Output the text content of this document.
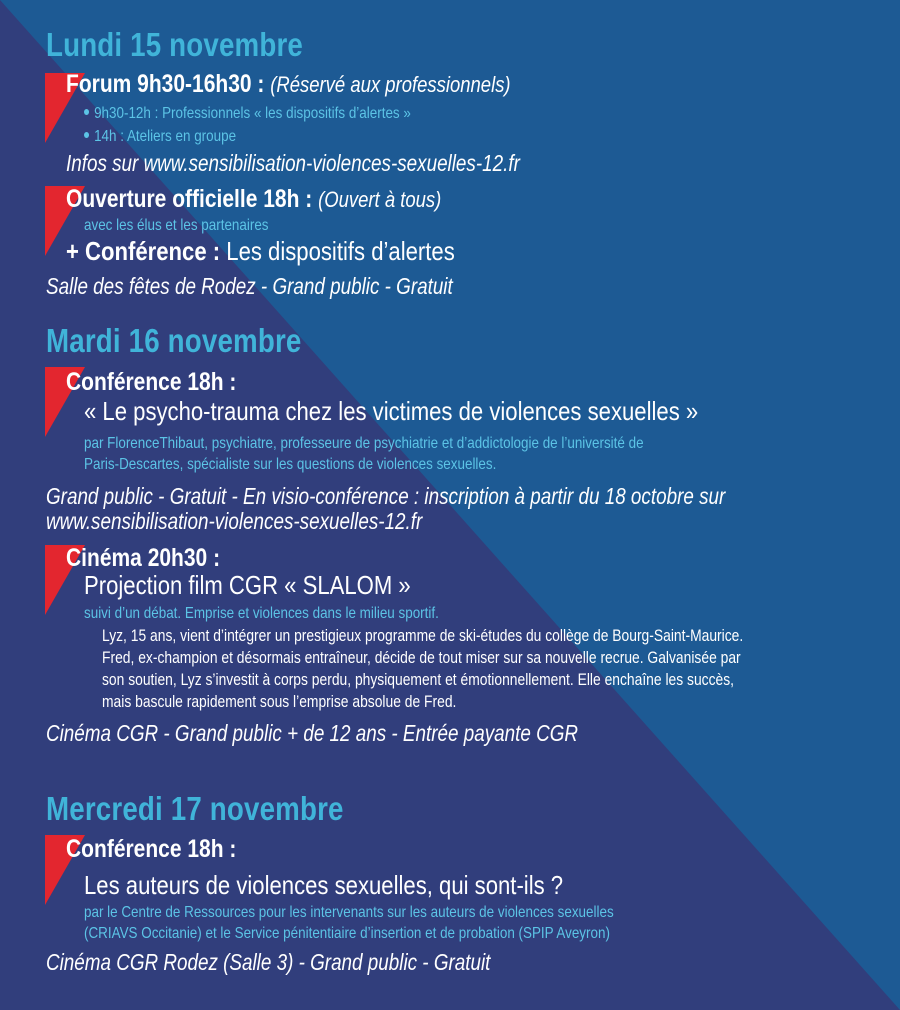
Lundi 15 novembre
Forum 9h30-16h30 : (Réservé aux professionnels)
9h30-12h : Professionnels « les dispositifs d’alertes »
14h : Ateliers en groupe
Infos sur www.sensibilisation-violences-sexuelles-12.fr
Ouverture officielle 18h : (Ouvert à tous)
avec les élus et les partenaires
+ Conférence : Les dispositifs d’alertes
Salle des fêtes de Rodez - Grand public - Gratuit
Mardi 16 novembre
Conférence 18h :
« Le psycho-trauma chez les victimes de violences sexuelles »
par FlorenceThibaut, psychiatre, professeure de psychiatrie et d’addictologie de l’université de
Paris-Descartes, spécialiste sur les questions de violences sexuelles.
Grand public - Gratuit - En visio-conférence : inscription à partir du 18 octobre sur
www.sensibilisation-violences-sexuelles-12.fr
Cinéma 20h30 :
Projection film CGR « SLALOM »
suivi d’un débat. Emprise et violences dans le milieu sportif.
Lyz, 15 ans, vient d’intégrer un prestigieux programme de ski-études du collège de Bourg-Saint-Maurice.
Fred, ex-champion et désormais entraîneur, décide de tout miser sur sa nouvelle recrue. Galvanisée par
son soutien, Lyz s’investit à corps perdu, physiquement et émotionnellement. Elle enchaîne les succès,
mais bascule rapidement sous l’emprise absolue de Fred.
Cinéma CGR - Grand public + de 12 ans - Entrée payante CGR
Mercredi 17 novembre
Conférence 18h :
Les auteurs de violences sexuelles, qui sont-ils ?
par le Centre de Ressources pour les intervenants sur les auteurs de violences sexuelles
(CRIAVS Occitanie) et le Service pénitentiaire d’insertion et de probation (SPIP Aveyron)
Cinéma CGR Rodez (Salle 3) - Grand public - Gratuit
